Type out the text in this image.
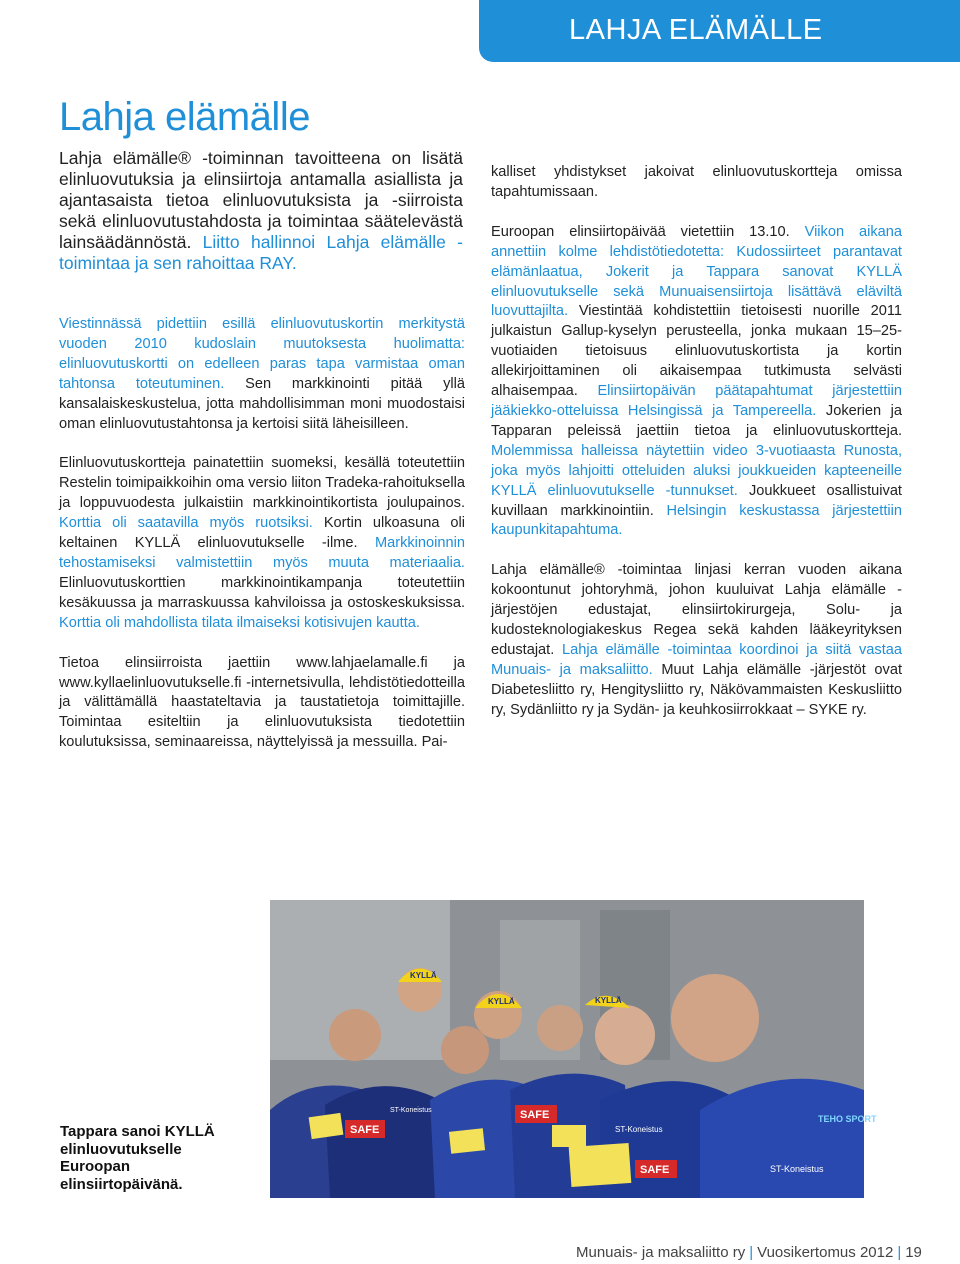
LAHJA ELÄMÄLLE
Lahja elämälle

Lahja elämälle® -toiminnan tavoitteena on lisätä elinluovutuksia ja elinsiirtoja antamalla asiallista ja ajantasaista tietoa elinluovutuksista ja -siirroista sekä elinluovutustahdosta ja toimintaa säätelevästä lainsäädännöstä. Liitto hallinnoi Lahja elämälle -toimintaa ja sen rahoittaa RAY.

Viestinnässä pidettiin esillä elinluovutuskortin merkitystä vuoden 2010 kudoslain muutoksesta huolimatta: elinluovutuskortti on edelleen paras tapa varmistaa oman tahtonsa toteutuminen. Sen markkinointi pitää yllä kansalaiskeskustelua, jotta mahdollisimman moni muodostaisi oman elinluovutustahtonsa ja kertoisi siitä läheisilleen.

Elinluovutuskortteja painatettiin suomeksi, kesällä toteutettiin Restelin toimipaikkoihin oma versio liiton Tradeka-rahoituksella ja loppuvuodesta julkaistiin markkinointikortista joulupainos. Korttia oli saatavilla myös ruotsiksi. Kortin ulkoasuna oli keltainen KYLLÄ elinluovutukselle -ilme. Markkinoinnin tehostamiseksi valmistettiin myös muuta materiaalia. Elinluovutuskorttien markkinointikampanja toteutettiin kesäkuussa ja marraskuussa kahviloissa ja ostoskeskuksissa. Korttia oli mahdollista tilata ilmaiseksi kotisivujen kautta.

Tietoa elinsiirroista jaettiin www.lahjaelamalle.fi ja www.kyllaelinluovutukselle.fi -internetsivulla, lehdistötiedotteilla ja välittämällä haastateltavia ja taustatietoja toimittajille. Toimintaa esiteltiin ja elinluovutuksista tiedotettiin koulutuksissa, seminaareissa, näyttelyissä ja messuilla. Pai-

kalliset yhdistykset jakoivat elinluovutuskortteja omissa tapahtumissaan.

Euroopan elinsiirtopäivää vietettiin 13.10. Viikon aikana annettiin kolme lehdistötiedotetta: Kudossiirteet parantavat elämänlaatua, Jokerit ja Tappara sanovat KYLLÄ elinluovutukselle sekä Munuaisensiirtoja lisättävä eläviltä luovuttajilta. Viestintää kohdistettiin tietoisesti nuorille 2011 julkaistun Gallup-kyselyn perusteella, jonka mukaan 15–25-vuotiaiden tietoisuus elinluovutuskortista ja kortin allekirjoittaminen oli aikaisempaa tutkimusta selvästi alhaisempaa. Elinsiirtopäivän päätapahtumat järjestettiin jääkiekko-otteluissa Helsingissä ja Tampereella. Jokerien ja Tapparan peleissä jaettiin tietoa ja elinluovutuskortteja. Molemmissa halleissa näytettiin video 3-vuotiaasta Runosta, joka myös lahjoitti otteluiden aluksi joukkueiden kapteeneille KYLLÄ elinluovutukselle -tunnukset. Joukkueet osallistuivat kuvillaan markkinointiin. Helsingin keskustassa järjestettiin kaupunkitapahtuma.

Lahja elämälle® -toimintaa linjasi kerran vuoden aikana kokoontunut johtoryhmä, johon kuuluivat Lahja elämälle -järjestöjen edustajat, elinsiirtokirurgeja, Solu- ja kudosteknologiakeskus Regea sekä kahden lääkeyrityksen edustajat. Lahja elämälle -toimintaa koordinoi ja siitä vastaa Munuais- ja maksaliitto. Muut Lahja elämälle -järjestöt ovat Diabetesliitto ry, Hengitysliitto ry, Näkövammaisten Keskusliitto ry, Sydänliitto ry ja Sydän- ja keuhkosiirrokkaat – SYKE ry.

KYLLÄ
KYLLÄ	KYLLÄ
SAFE
ST-Koneistus	SAFE
ST-Koneistus
SAFE
TEHO SPORT
ST-Koneistus

Tappara sanoi KYLLÄ elinluovutukselle Euroopan elinsiirtopäivänä.

Munuais- ja maksaliitto ry | Vuosikertomus 2012 | 19
